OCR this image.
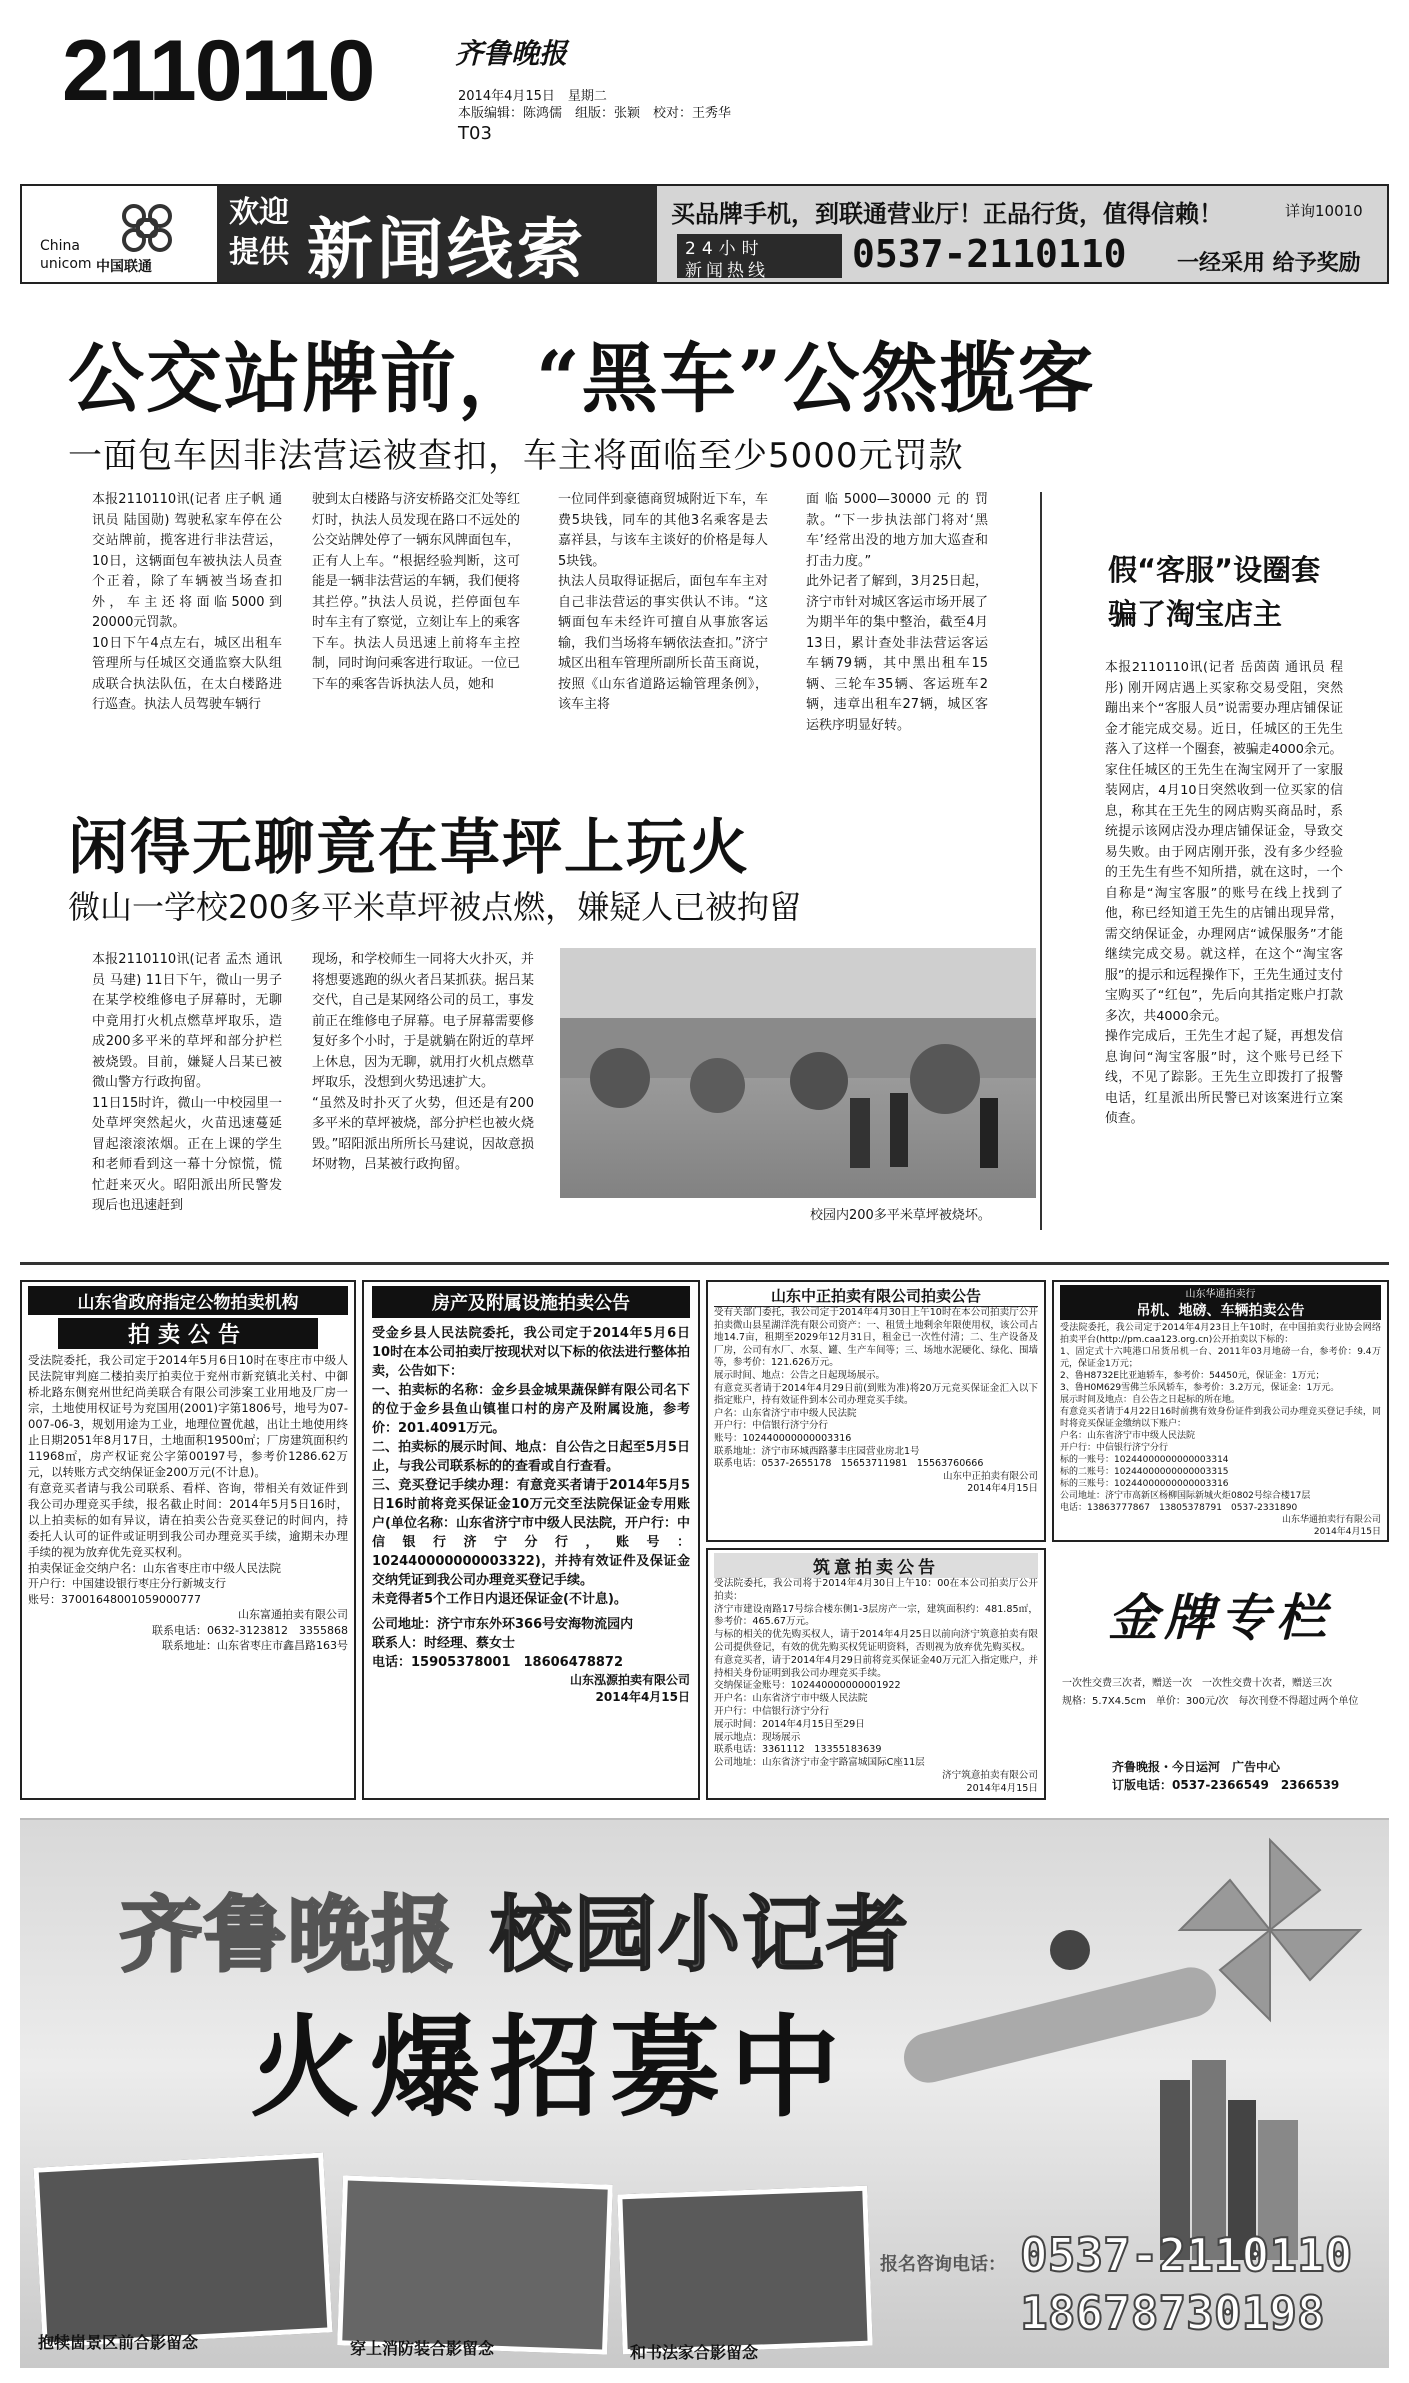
2110110	齐鲁晚报
2014年4月15日　星期二
本版编辑：陈鸿儒　组版：张颖　校对：王秀华
T03
China
unicom 中国联通
欢迎
提供 新闻线索	买品牌手机，到联通营业厅！正品行货，值得信赖！	详询10010
24小时
新闻热线 0537-2110110 一经采用 给予奖励
公交站牌前，“黑车”公然揽客
一面包车因非法营运被查扣，车主将面临至少5000元罚款
本报2110110讯(记者 庄子帆 通讯员 陆国勋) 驾驶私家车停在公交站牌前，揽客进行非法营运，10日，这辆面包车被执法人员查个正着，除了车辆被当场查扣外，车主还将面临5000到20000元罚款。
10日下午4点左右，城区出租车管理所与任城区交通监察大队组成联合执法队伍，在太白楼路进行巡查。执法人员驾驶车辆行
驶到太白楼路与济安桥路交汇处等红灯时，执法人员发现在路口不远处的公交站牌处停了一辆东风牌面包车，正有人上车。“根据经验判断，这可能是一辆非法营运的车辆，我们便将其拦停。”执法人员说，拦停面包车时车主有了察觉，立刻让车上的乘客下车。执法人员迅速上前将车主控制，同时询问乘客进行取证。一位已下车的乘客告诉执法人员，她和
一位同伴到豪德商贸城附近下车，车费5块钱，同车的其他3名乘客是去嘉祥县，与该车主谈好的价格是每人5块钱。
执法人员取得证据后，面包车车主对自己非法营运的事实供认不讳。“这辆面包车未经许可擅自从事旅客运输，我们当场将车辆依法查扣。”济宁城区出租车管理所副所长苗玉商说，按照《山东省道路运输管理条例》，该车主将
面临5000—30000元的罚款。“下一步执法部门将对‘黑车’经常出没的地方加大巡查和打击力度。”
此外记者了解到，3月25日起，济宁市针对城区客运市场开展了为期半年的集中整治，截至4月13日，累计查处非法营运客运车辆79辆，其中黑出租车15辆、三轮车35辆、客运班车2辆，违章出租车27辆，城区客运秩序明显好转。
假“客服”设圈套
骗了淘宝店主
本报2110110讯(记者 岳茵茵 通讯员 程彤) 刚开网店遇上买家称交易受阻，突然蹦出来个“客服人员”说需要办理店铺保证金才能完成交易。近日，任城区的王先生落入了这样一个圈套，被骗走4000余元。
家住任城区的王先生在淘宝网开了一家服装网店，4月10日突然收到一位买家的信息，称其在王先生的网店购买商品时，系统提示该网店没办理店铺保证金，导致交易失败。由于网店刚开张，没有多少经验的王先生有些不知所措，就在这时，一个自称是“淘宝客服”的账号在线上找到了他，称已经知道王先生的店铺出现异常，需交纳保证金，办理网店“诚保服务”才能继续完成交易。就这样，在这个“淘宝客服”的提示和远程操作下，王先生通过支付宝购买了“红包”，先后向其指定账户打款多次，共4000余元。
操作完成后，王先生才起了疑，再想发信息询问“淘宝客服”时，这个账号已经下线，不见了踪影。王先生立即拨打了报警电话，红星派出所民警已对该案进行立案侦查。
闲得无聊竟在草坪上玩火
微山一学校200多平米草坪被点燃，嫌疑人已被拘留
本报2110110讯(记者 孟杰 通讯员 马建) 11日下午，微山一男子在某学校维修电子屏幕时，无聊中竟用打火机点燃草坪取乐，造成200多平米的草坪和部分护栏被烧毁。目前，嫌疑人吕某已被微山警方行政拘留。
11日15时许，微山一中校园里一处草坪突然起火，火苗迅速蔓延冒起滚滚浓烟。正在上课的学生和老师看到这一幕十分惊慌，慌忙赶来灭火。昭阳派出所民警发现后也迅速赶到
现场，和学校师生一同将大火扑灭，并将想要逃跑的纵火者吕某抓获。据吕某交代，自己是某网络公司的员工，事发前正在维修电子屏幕。电子屏幕需要修复好多个小时，于是就躺在附近的草坪上休息，因为无聊，就用打火机点燃草坪取乐，没想到火势迅速扩大。
“虽然及时扑灭了火势，但还是有200多平米的草坪被烧，部分护栏也被火烧毁。”昭阳派出所所长马建说，因故意损坏财物，吕某被行政拘留。
校园内200多平米草坪被烧坏。
山东省政府指定公物拍卖机构
拍卖公告
受法院委托，我公司定于2014年5月6日10时在枣庄市中级人民法院审判庭二楼拍卖厅拍卖位于兖州市新兖镇北关村、中御桥北路东侧兖州世纪尚美联合有限公司涉案工业用地及厂房一宗，土地使用权证号为兖国用(2001)字第1806号，地号为07-007-06-3，规划用途为工业，地理位置优越，出让土地使用终止日期2051年8月17日，土地面积19500㎡；厂房建筑面积约11968㎡，房产权证兖公字第00197号，参考价1286.62万元，以转账方式交纳保证金200万元(不计息)。
有意竞买者请与我公司联系、看样、咨询，带相关有效证件到我公司办理竞买手续，报名截止时间：2014年5月5日16时，以上拍卖标的如有异议，请在拍卖公告竞买登记的时间内，持委托人认可的证件或证明到我公司办理竞买手续，逾期未办理手续的视为放弃优先竞买权利。
拍卖保证金交纳户名：山东省枣庄市中级人民法院
开户行：中国建设银行枣庄分行新城支行
账号：37001648001059000777
山东富通拍卖有限公司
联系电话：0632-3123812　3355868
联系地址：山东省枣庄市鑫昌路163号
房产及附属设施拍卖公告
受金乡县人民法院委托，我公司定于2014年5月6日10时在本公司拍卖厅按现状对以下标的依法进行整体拍卖，公告如下：
一、拍卖标的名称：金乡县金城果蔬保鲜有限公司名下的位于金乡县鱼山镇崔口村的房产及附属设施，参考价：201.4091万元。
二、拍卖标的展示时间、地点：自公告之日起至5月5日止，与我公司联系标的的查看或自行查看。
三、竞买登记手续办理：有意竞买者请于2014年5月5日16时前将竞买保证金10万元交至法院保证金专用账户(单位名称：山东省济宁市中级人民法院，开户行：中信银行济宁分行，账号：102440000000003322)，并持有效证件及保证金交纳凭证到我公司办理竞买登记手续。
未竞得者5个工作日内退还保证金(不计息)。
公司地址：济宁市东外环366号安海物流园内
联系人：时经理、蔡女士
电话：15905378001　18606478872
山东泓源拍卖有限公司
2014年4月15日
山东中正拍卖有限公司拍卖公告
受有关部门委托，我公司定于2014年4月30日上午10时在本公司拍卖厅公开拍卖微山县星湖洋洗有限公司资产：一、租赁土地剩余年限使用权，该公司占地14.7亩，租期至2029年12月31日，租金已一次性付清；二、生产设备及厂房，公司有水厂、水泵、罐、生产车间等；三、场地水泥硬化、绿化、围墙等，参考价：121.626万元。
展示时间、地点：公告之日起现场展示。
有意竞买者请于2014年4月29日前(到账为准)将20万元竞买保证金汇入以下指定账户，持有效证件到本公司办理竞买手续。
户名：山东省济宁市中级人民法院
开户行：中信银行济宁分行
账号：102440000000003316
联系地址：济宁市环城西路蓼丰庄园营业房北1号
联系电话：0537-2655178　15653711981　15563760666
山东中正拍卖有限公司
2014年4月15日
筑意拍卖公告
受法院委托，我公司将于2014年4月30日上午10：00在本公司拍卖厅公开拍卖：
济宁市建设南路17号综合楼东侧1-3层房产一宗，建筑面积约：481.85㎡，参考价：465.67万元。
与标的相关的优先购买权人，请于2014年4月25日以前向济宁筑意拍卖有限公司提供登记，有效的优先购买权凭证明资料，否则视为放弃优先购买权。
有意竞买者，请于2014年4月29日前将竞买保证金40万元汇入指定账户，并持相关身份证明到我公司办理竞买手续。
交纳保证金账号：102440000000001922
开户名：山东省济宁市中级人民法院
开户行：中信银行济宁分行
展示时间：2014年4月15日至29日
展示地点：现场展示
联系电话：3361112　13355183639
公司地址：山东省济宁市金宇路富城国际C座11层
济宁筑意拍卖有限公司
2014年4月15日
山东华通拍卖行
吊机、地磅、车辆拍卖公告
受法院委托，我公司定于2014年4月23日上午10时，在中国拍卖行业协会网络拍卖平台(http://pm.caa123.org.cn)公开拍卖以下标的：
1、固定式十六吨港口吊货吊机一台、2011年03月地磅一台，参考价：9.4万元，保证金1万元；
2、鲁H8732E比亚迪轿车，参考价：54450元，保证金：1万元；
3、鲁H0M629雪佛兰乐风轿车，参考价：3.2万元，保证金：1万元。
展示时间及地点：自公告之日起标的所在地。
有意竞买者请于4月22日16时前携有效身份证件到我公司办理竞买登记手续，同时将竞买保证金缴纳以下账户：
户名：山东省济宁市中级人民法院
开户行：中信银行济宁分行
标的一账号：10244000000000003314
标的二账号：10244000000000003315
标的三账号：10244000000000003316
公司地址：济宁市高新区杨柳国际新城火炬0802号综合楼17层
电话：13863777867　13805378791　0537-2331890
山东华通拍卖行有限公司
2014年4月15日
金牌专栏
一次性交费三次者，赠送一次　一次性交费十次者，赠送三次
规格：5.7X4.5cm　单价：300元/次　每次刊登不得超过两个单位
齐鲁晚报・今日运河　广告中心
订版电话：0537-2366549　2366539
齐鲁晚报 校园小记者
火爆招募中
抱犊崮景区前合影留念	穿上消防装合影留念	和书法家合影留念
报名咨询电话： 0537-2110110
18678730198
